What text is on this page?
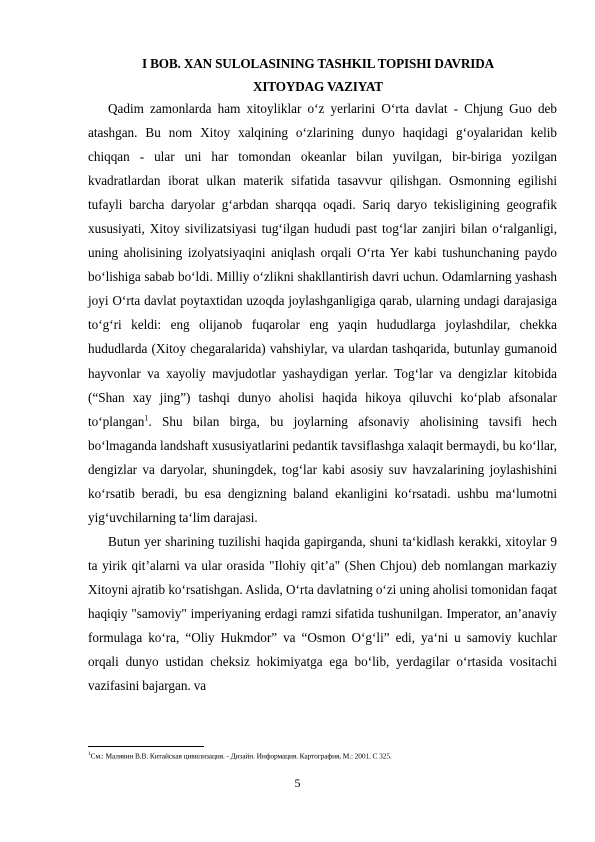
I BOB. XAN SULOLASINING TASHKIL TOPISHI DAVRIDA
XITOYDAG VAZIYAT

Qadim zamonlarda ham xitoyliklar o‘z yerlarini O‘rta davlat - Chjung Guo deb atashgan. Bu nom Xitoy xalqining o‘zlarining dunyo haqidagi g‘oyalaridan kelib chiqqan - ular uni har tomondan okeanlar bilan yuvilgan, bir-biriga yozilgan kvadratlardan iborat ulkan materik sifatida tasavvur qilishgan. Osmonning egilishi tufayli barcha daryolar g‘arbdan sharqqa oqadi. Sariq daryo tekisligining geografik xususiyati, Xitoy sivilizatsiyasi tug‘ilgan hududi past tog‘lar zanjiri bilan o‘ralganligi, uning aholisining izolyatsiyaqini aniqlash orqali O‘rta Yer kabi tushunchaning paydo bo‘lishiga sabab bo‘ldi. Milliy o‘zlikni shakllantirish davri uchun. Odamlarning yashash joyi O‘rta davlat poytaxtidan uzoqda joylashganligiga qarab, ularning undagi darajasiga to‘g‘ri keldi: eng olijanob fuqarolar eng yaqin hududlarga joylashdilar, chekka hududlarda (Xitoy chegaralarida) vahshiylar, va ulardan tashqarida, butunlay gumanoid hayvonlar va xayoliy mavjudotlar yashaydigan yerlar. Tog‘lar va dengizlar kitobida (“Shan xay jing”) tashqi dunyo aholisi haqida hikoya qiluvchi ko‘plab afsonalar to‘plangan$^1$. Shu bilan birga, bu joylarning afsonaviy aholisining tavsifi hech bo‘lmaganda landshaft xususiyatlarini pedantik tavsiflashga xalaqit bermaydi, bu ko‘llar, dengizlar va daryolar, shuningdek, tog‘lar kabi asosiy suv havzalarining joylashishini ko‘rsatib beradi, bu esa dengizning baland ekanligini ko‘rsatadi. ushbu ma‘lumotni yig‘uvchilarning ta‘lim darajasi.

Butun yer sharining tuzilishi haqida gapirganda, shuni ta‘kidlash kerakki, xitoylar 9 ta yirik qit’alarni va ular orasida "Ilohiy qit’a" (Shen Chjou) deb nomlangan markaziy Xitoyni ajratib ko‘rsatishgan. Aslida, O‘rta davlatning o‘zi uning aholisi tomonidan faqat haqiqiy "samoviy" imperiyaning erdagi ramzi sifatida tushunilgan. Imperator, an’anaviy formulaga ko‘ra, “Oliy Hukmdor” va “Osmon O‘g‘li” edi, ya‘ni u samoviy kuchlar orqali dunyo ustidan cheksiz hokimiyatga ega bo‘lib, yerdagilar o‘rtasida vositachi vazifasini bajargan. va

$^1$См.: Малявин В.В. Китайская цивилизация. - Дизайн. Информация. Картография, М.: 2001. С 325.
5
